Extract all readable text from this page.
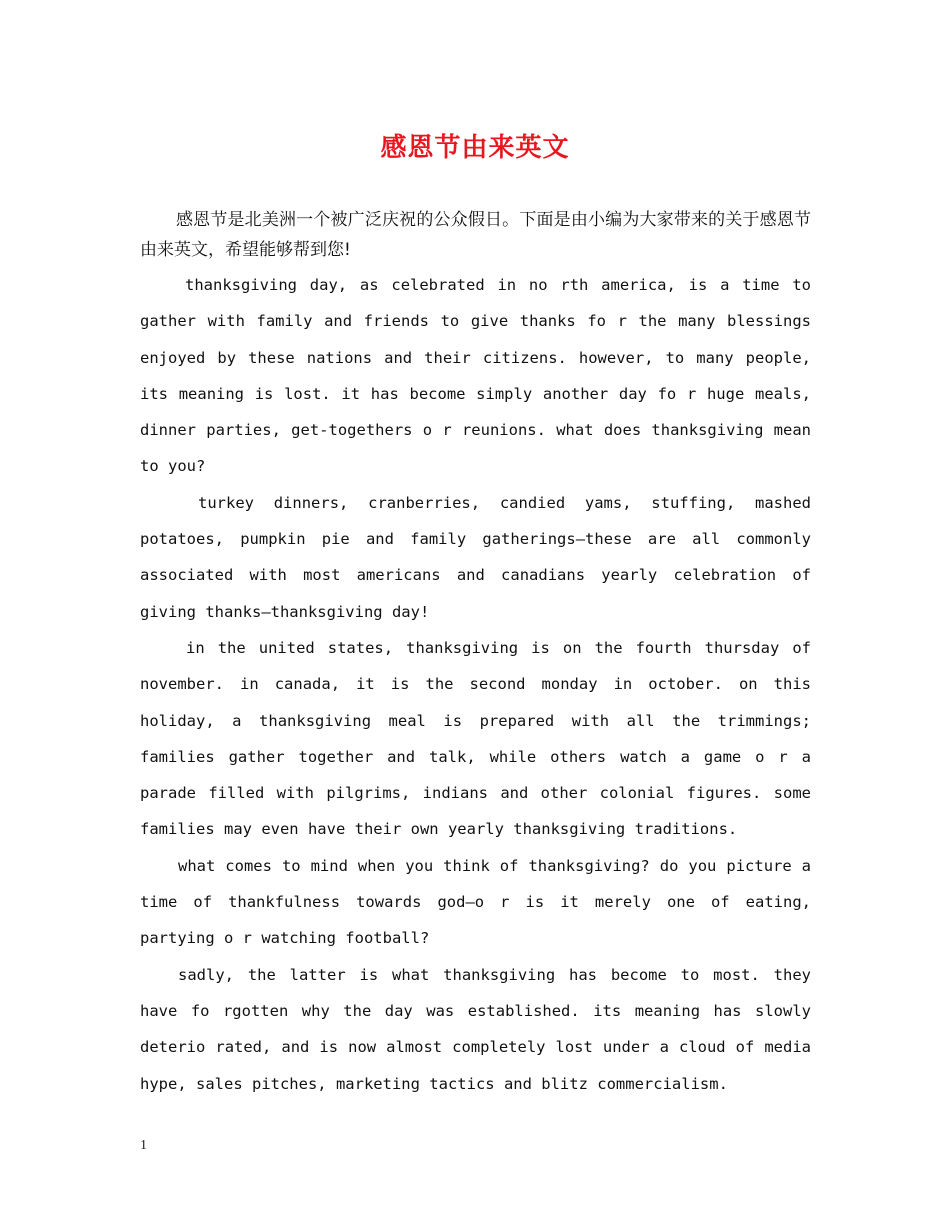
感恩节由来英文

感恩节是北美洲一个被广泛庆祝的公众假日。下面是由小编为大家带来的关于感恩节由来英文，希望能够帮到您!

thanksgiving day, as celebrated in no rth america, is a time to gather with family and friends to give thanks fo r the many blessings enjoyed by these nations and their citizens. however, to many people, its meaning is lost. it has become simply another day fo r huge meals, dinner parties, get-togethers o r reunions. what does thanksgiving mean to you?

turkey dinners, cranberries, candied yams, stuffing, mashed potatoes, pumpkin pie and family gatherings—these are all commonly associated with most americans and canadians yearly celebration of giving thanks—thanksgiving day!

in the united states, thanksgiving is on the fourth thursday of november. in canada, it is the second monday in october. on this holiday, a thanksgiving meal is prepared with all the trimmings; families gather together and talk, while others watch a game o r a parade filled with pilgrims, indians and other colonial figures. some families may even have their own yearly thanksgiving traditions.

what comes to mind when you think of thanksgiving? do you picture a time of thankfulness towards god—o r is it merely one of eating, partying o r watching football?

sadly, the latter is what thanksgiving has become to most. they have fo rgotten why the day was established. its meaning has slowly deterio rated, and is now almost completely lost under a cloud of media hype, sales pitches, marketing tactics and blitz commercialism.

1
